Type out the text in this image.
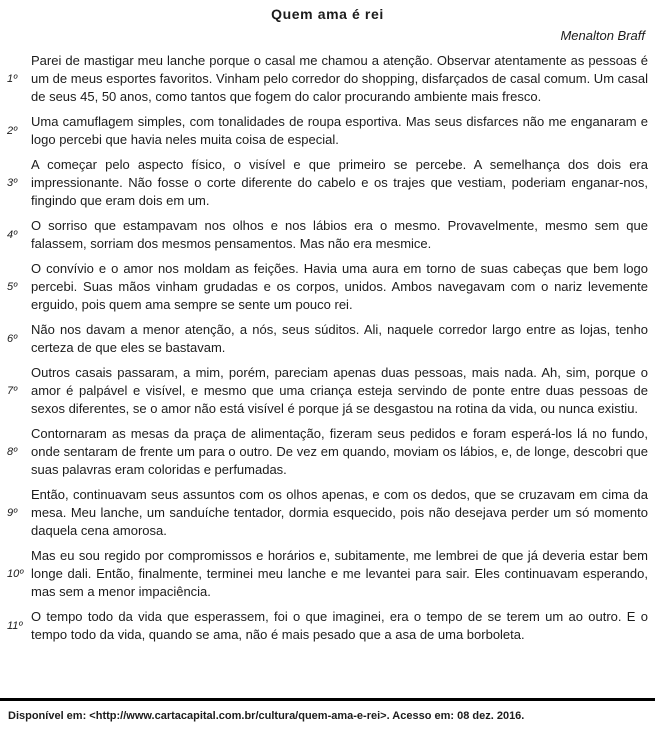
Quem ama é rei
Menalton Braff
1º
Parei de mastigar meu lanche porque o casal me chamou a atenção. Observar atentamente as pessoas é um de meus esportes favoritos. Vinham pelo corredor do shopping, disfarçados de casal comum. Um casal de seus 45, 50 anos, como tantos que fogem do calor procurando ambiente mais fresco.
2º
Uma camuflagem simples, com tonalidades de roupa esportiva. Mas seus disfarces não me enganaram e logo percebi que havia neles muita coisa de especial.
3º
A começar pelo aspecto físico, o visível e que primeiro se percebe. A semelhança dos dois era impressionante. Não fosse o corte diferente do cabelo e os trajes que vestiam, poderiam enganar-nos, fingindo que eram dois em um.
4º
O sorriso que estampavam nos olhos e nos lábios era o mesmo. Provavelmente, mesmo sem que falassem, sorriam dos mesmos pensamentos. Mas não era mesmice.
5º
O convívio e o amor nos moldam as feições. Havia uma aura em torno de suas cabeças que bem logo percebi. Suas mãos vinham grudadas e os corpos, unidos. Ambos navegavam com o nariz levemente erguido, pois quem ama sempre se sente um pouco rei.
6º
Não nos davam a menor atenção, a nós, seus súditos. Ali, naquele corredor largo entre as lojas, tenho certeza de que eles se bastavam.
7º
Outros casais passaram, a mim, porém, pareciam apenas duas pessoas, mais nada. Ah, sim, porque o amor é palpável e visível, e mesmo que uma criança esteja servindo de ponte entre duas pessoas de sexos diferentes, se o amor não está visível é porque já se desgastou na rotina da vida, ou nunca existiu.
8º
Contornaram as mesas da praça de alimentação, fizeram seus pedidos e foram esperá-los lá no fundo, onde sentaram de frente um para o outro. De vez em quando, moviam os lábios, e, de longe, descobri que suas palavras eram coloridas e perfumadas.
9º
Então, continuavam seus assuntos com os olhos apenas, e com os dedos, que se cruzavam em cima da mesa. Meu lanche, um sanduíche tentador, dormia esquecido, pois não desejava perder um só momento daquela cena amorosa.
10º
Mas eu sou regido por compromissos e horários e, subitamente, me lembrei de que já deveria estar bem longe dali. Então, finalmente, terminei meu lanche e me levantei para sair. Eles continuavam esperando, mas sem a menor impaciência.
11º
O tempo todo da vida que esperassem, foi o que imaginei, era o tempo de se terem um ao outro. E o tempo todo da vida, quando se ama, não é mais pesado que a asa de uma borboleta.
Disponível em: <http://www.cartacapital.com.br/cultura/quem-ama-e-rei>. Acesso em: 08 dez. 2016.
